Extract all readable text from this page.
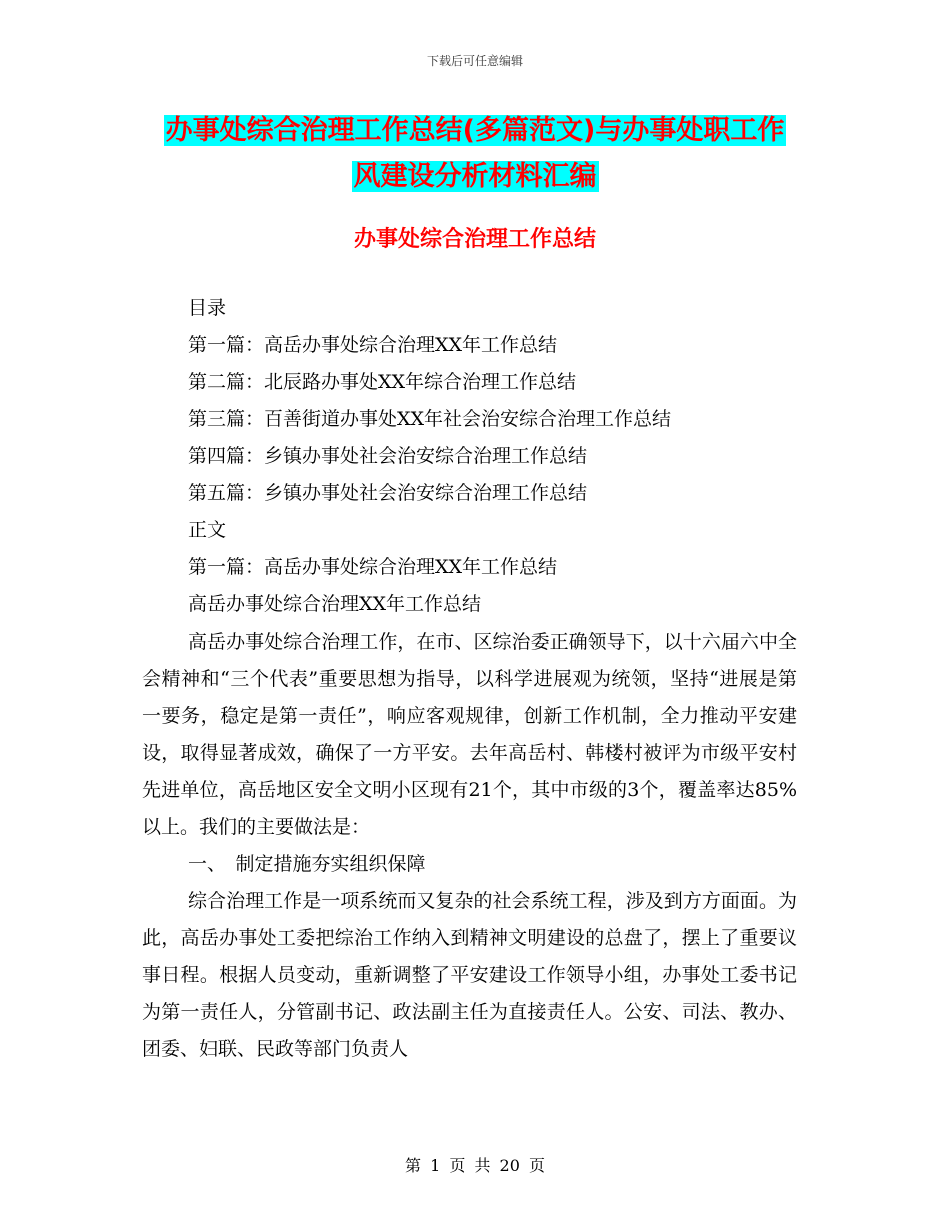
下载后可任意编辑
办事处综合治理工作总结(多篇范文)与办事处职工作
风建设分析材料汇编
办事处综合治理工作总结
目录
第一篇：高岳办事处综合治理XX年工作总结
第二篇：北辰路办事处XX年综合治理工作总结
第三篇：百善街道办事处XX年社会治安综合治理工作总结
第四篇：乡镇办事处社会治安综合治理工作总结
第五篇：乡镇办事处社会治安综合治理工作总结
正文
第一篇：高岳办事处综合治理XX年工作总结
高岳办事处综合治理XX年工作总结

高岳办事处综合治理工作，在市、区综治委正确领导下，以十六届六中全会精神和“三个代表”重要思想为指导，以科学进展观为统领，坚持“进展是第一要务，稳定是第一责任”，响应客观规律，创新工作机制，全力推动平安建设，取得显著成效，确保了一方平安。去年高岳村、韩楼村被评为市级平安村先进单位，高岳地区安全文明小区现有21个，其中市级的3个，覆盖率达85%以上。我们的主要做法是：

一、　制定措施夯实组织保障

综合治理工作是一项系统而又复杂的社会系统工程，涉及到方方面面。为此，高岳办事处工委把综治工作纳入到精神文明建设的总盘了，摆上了重要议事日程。根据人员变动，重新调整了平安建设工作领导小组，办事处工委书记为第一责任人，分管副书记、政法副主任为直接责任人。公安、司法、教办、团委、妇联、民政等部门负责人

第 1 页 共 20 页
